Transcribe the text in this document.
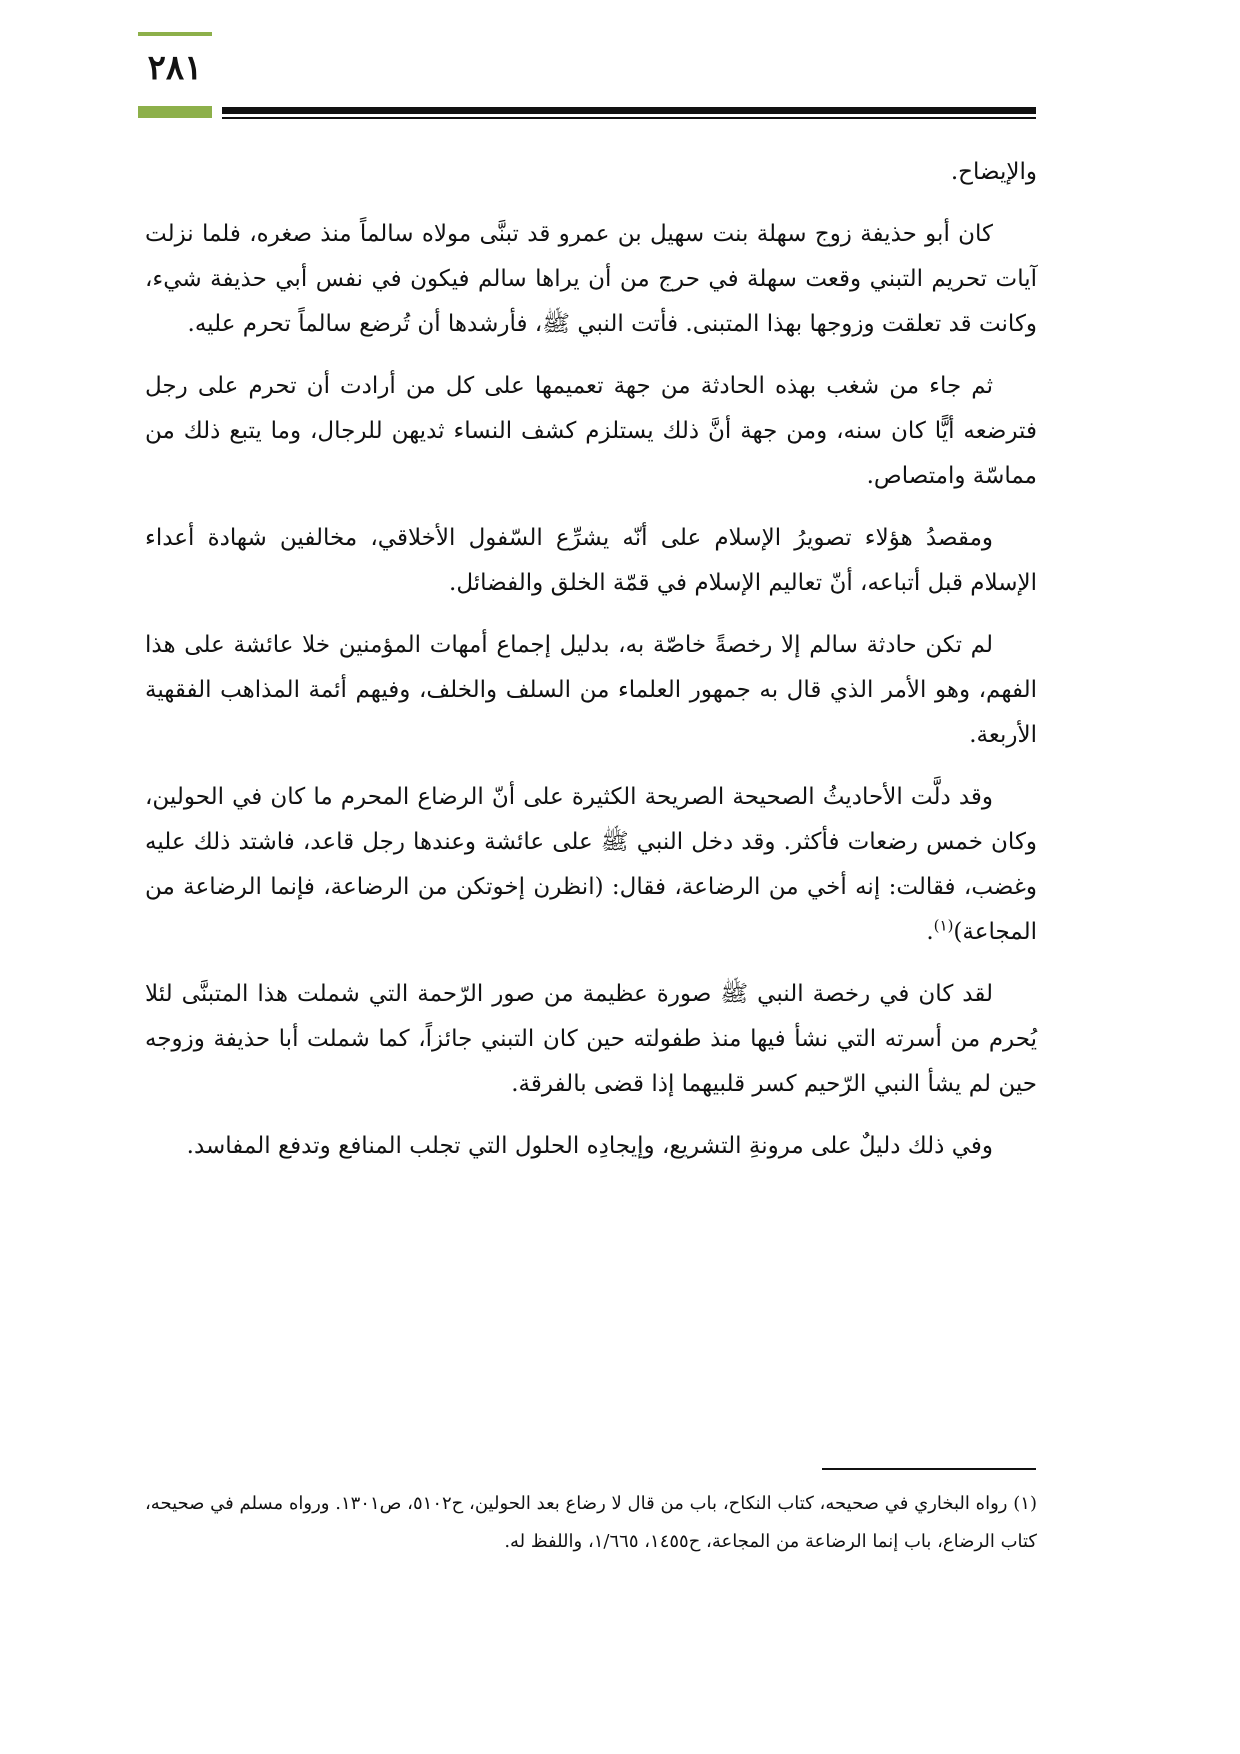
٢٨١

والإيضاح.

كان أبو حذيفة زوج سهلة بنت سهيل بن عمرو قد تبنَّى مولاه سالماً منذ صغره، فلما نزلت آيات تحريم التبني وقعت سهلة في حرج من أن يراها سالم فيكون في نفس أبي حذيفة شيء، وكانت قد تعلقت وزوجها بهذا المتبنى. فأتت النبي ﷺ، فأرشدها أن تُرضع سالماً تحرم عليه.

ثم جاء من شغب بهذه الحادثة من جهة تعميمها على كل من أرادت أن تحرم على رجل فترضعه أيًّا كان سنه، ومن جهة أنَّ ذلك يستلزم كشف النساء ثديهن للرجال، وما يتبع ذلك من مماسّة وامتصاص.

ومقصدُ هؤلاء تصويرُ الإسلام على أنّه يشرِّع السّفول الأخلاقي، مخالفين شهادة أعداء الإسلام قبل أتباعه، أنّ تعاليم الإسلام في قمّة الخلق والفضائل.

لم تكن حادثة سالم إلا رخصةً خاصّة به، بدليل إجماع أمهات المؤمنين خلا عائشة على هذا الفهم، وهو الأمر الذي قال به جمهور العلماء من السلف والخلف، وفيهم أئمة المذاهب الفقهية الأربعة.

وقد دلَّت الأحاديثُ الصحيحة الصريحة الكثيرة على أنّ الرضاع المحرم ما كان في الحولين، وكان خمس رضعات فأكثر. وقد دخل النبي ﷺ على عائشة وعندها رجل قاعد، فاشتد ذلك عليه وغضب، فقالت: إنه أخي من الرضاعة، فقال: (انظرن إخوتكن من الرضاعة، فإنما الرضاعة من المجاعة)$^{(١)}$.

لقد كان في رخصة النبي ﷺ صورة عظيمة من صور الرّحمة التي شملت هذا المتبنَّى لئلا يُحرم من أسرته التي نشأ فيها منذ طفولته حين كان التبني جائزاً، كما شملت أبا حذيفة وزوجه حين لم يشأ النبي الرّحيم كسر قلبيهما إذا قضى بالفرقة.

وفي ذلك دليلٌ على مرونةِ التشريع، وإيجادِه الحلول التي تجلب المنافع وتدفع المفاسد.

(١) رواه البخاري في صحيحه، كتاب النكاح، باب من قال لا رضاع بعد الحولين، ح٥١٠٢، ص١٣٠١. ورواه مسلم في صحيحه، كتاب الرضاع، باب إنما الرضاعة من المجاعة، ح١٤٥٥، ١/٦٦٥، واللفظ له.
